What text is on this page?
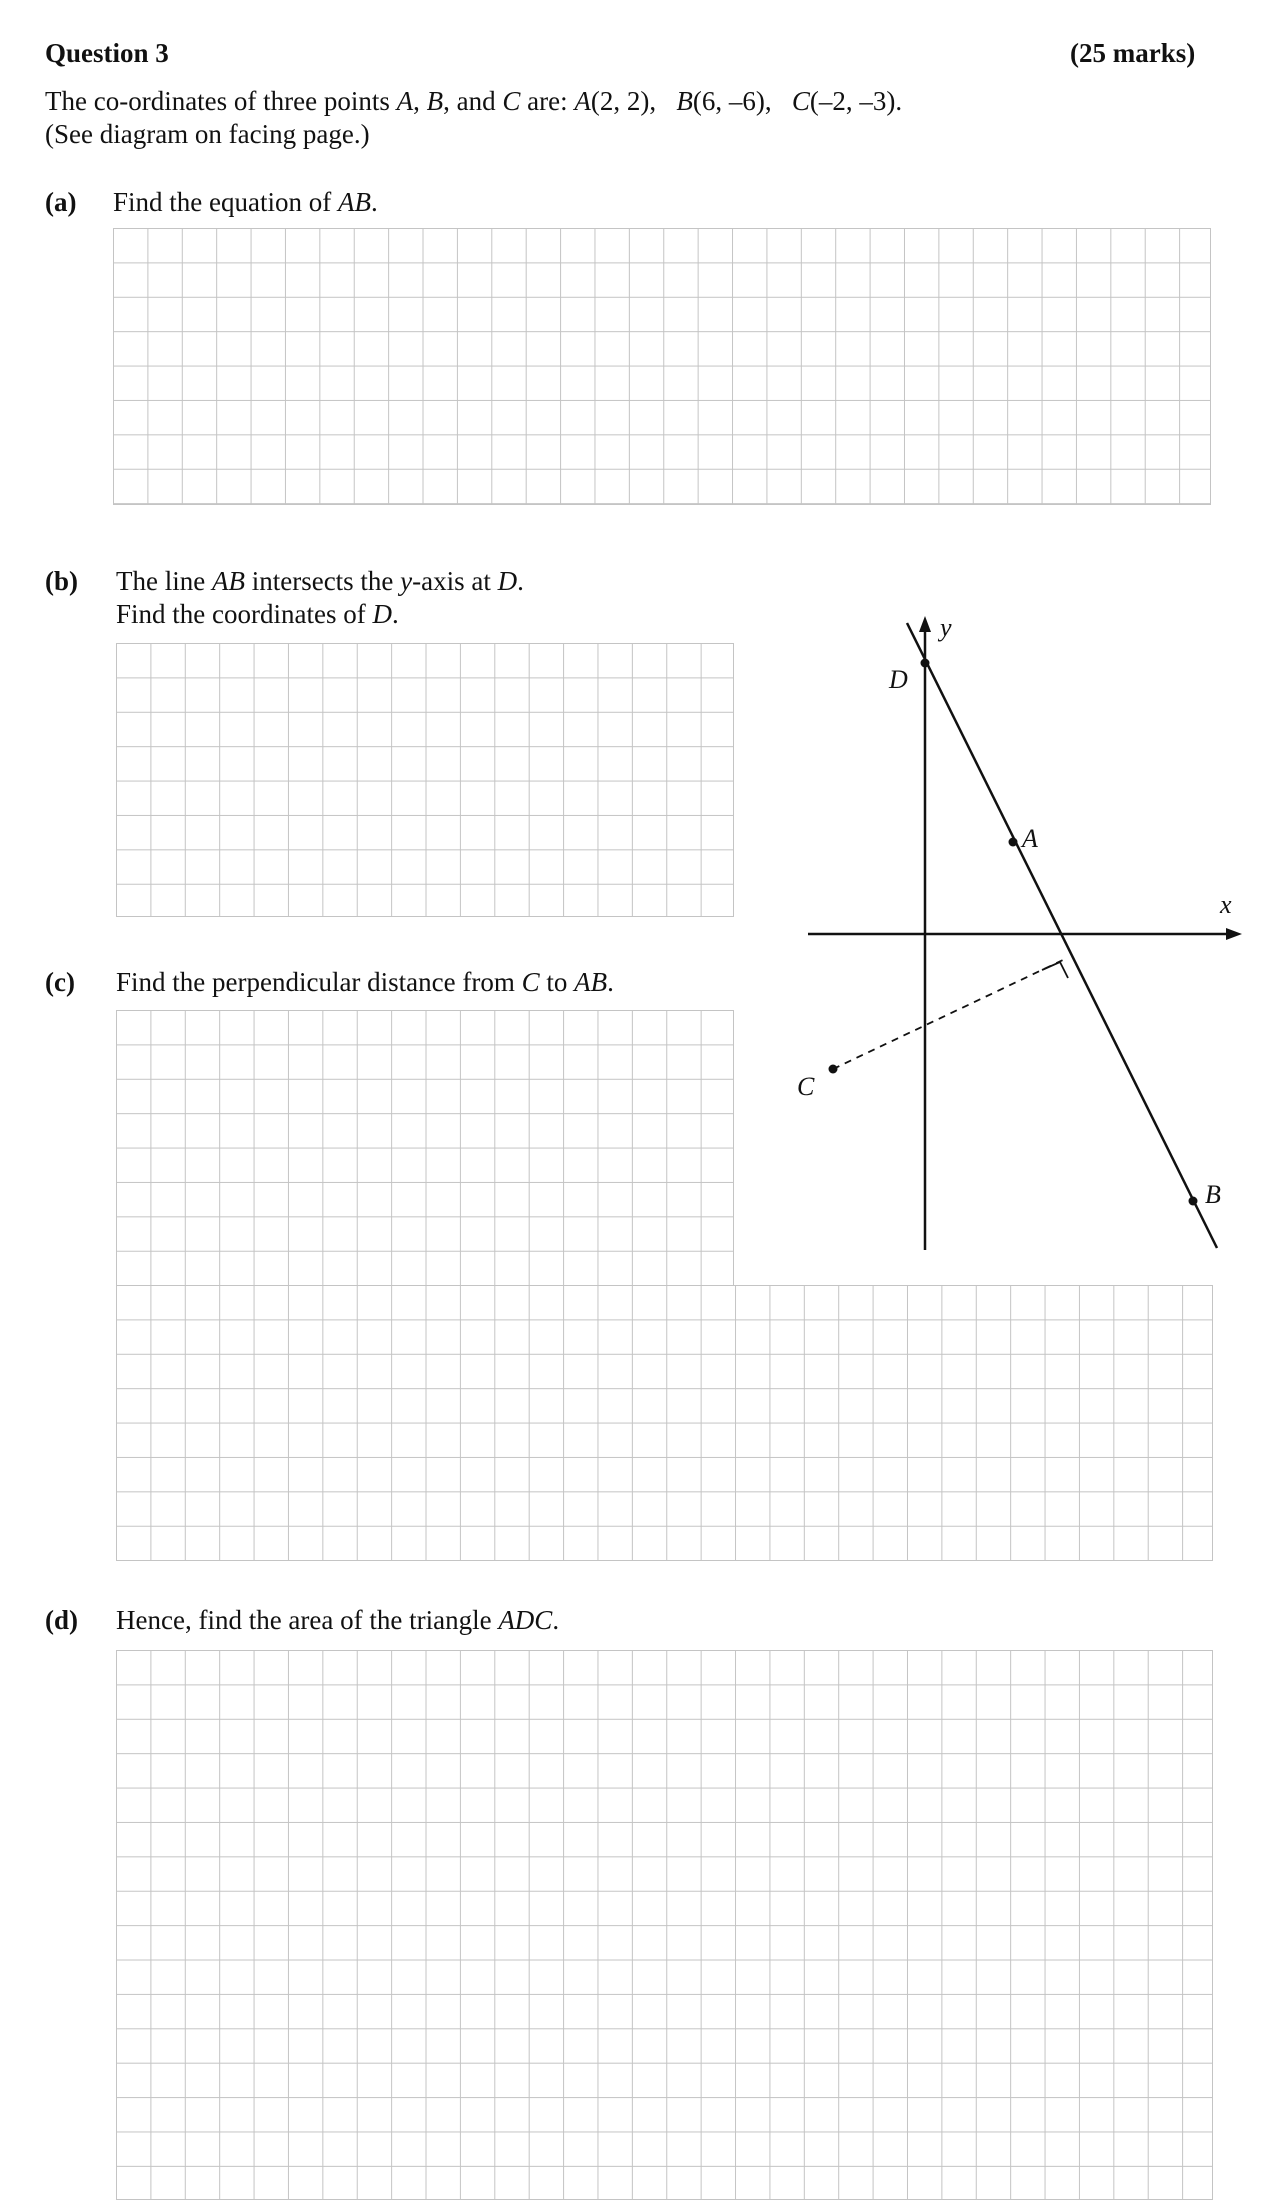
Question 3	(25 marks)
The co-ordinates of three points A, B, and C are: A(2, 2), B(6, –6), C(–2, –3).
(See diagram on facing page.)
(a) Find the equation of AB.
(b) The line AB intersects the y-axis at D.
Find the coordinates of D.
(c) Find the perpendicular distance from C to AB.
(d) Hence, find the area of the triangle ADC.
y
x
D
A
C
B
